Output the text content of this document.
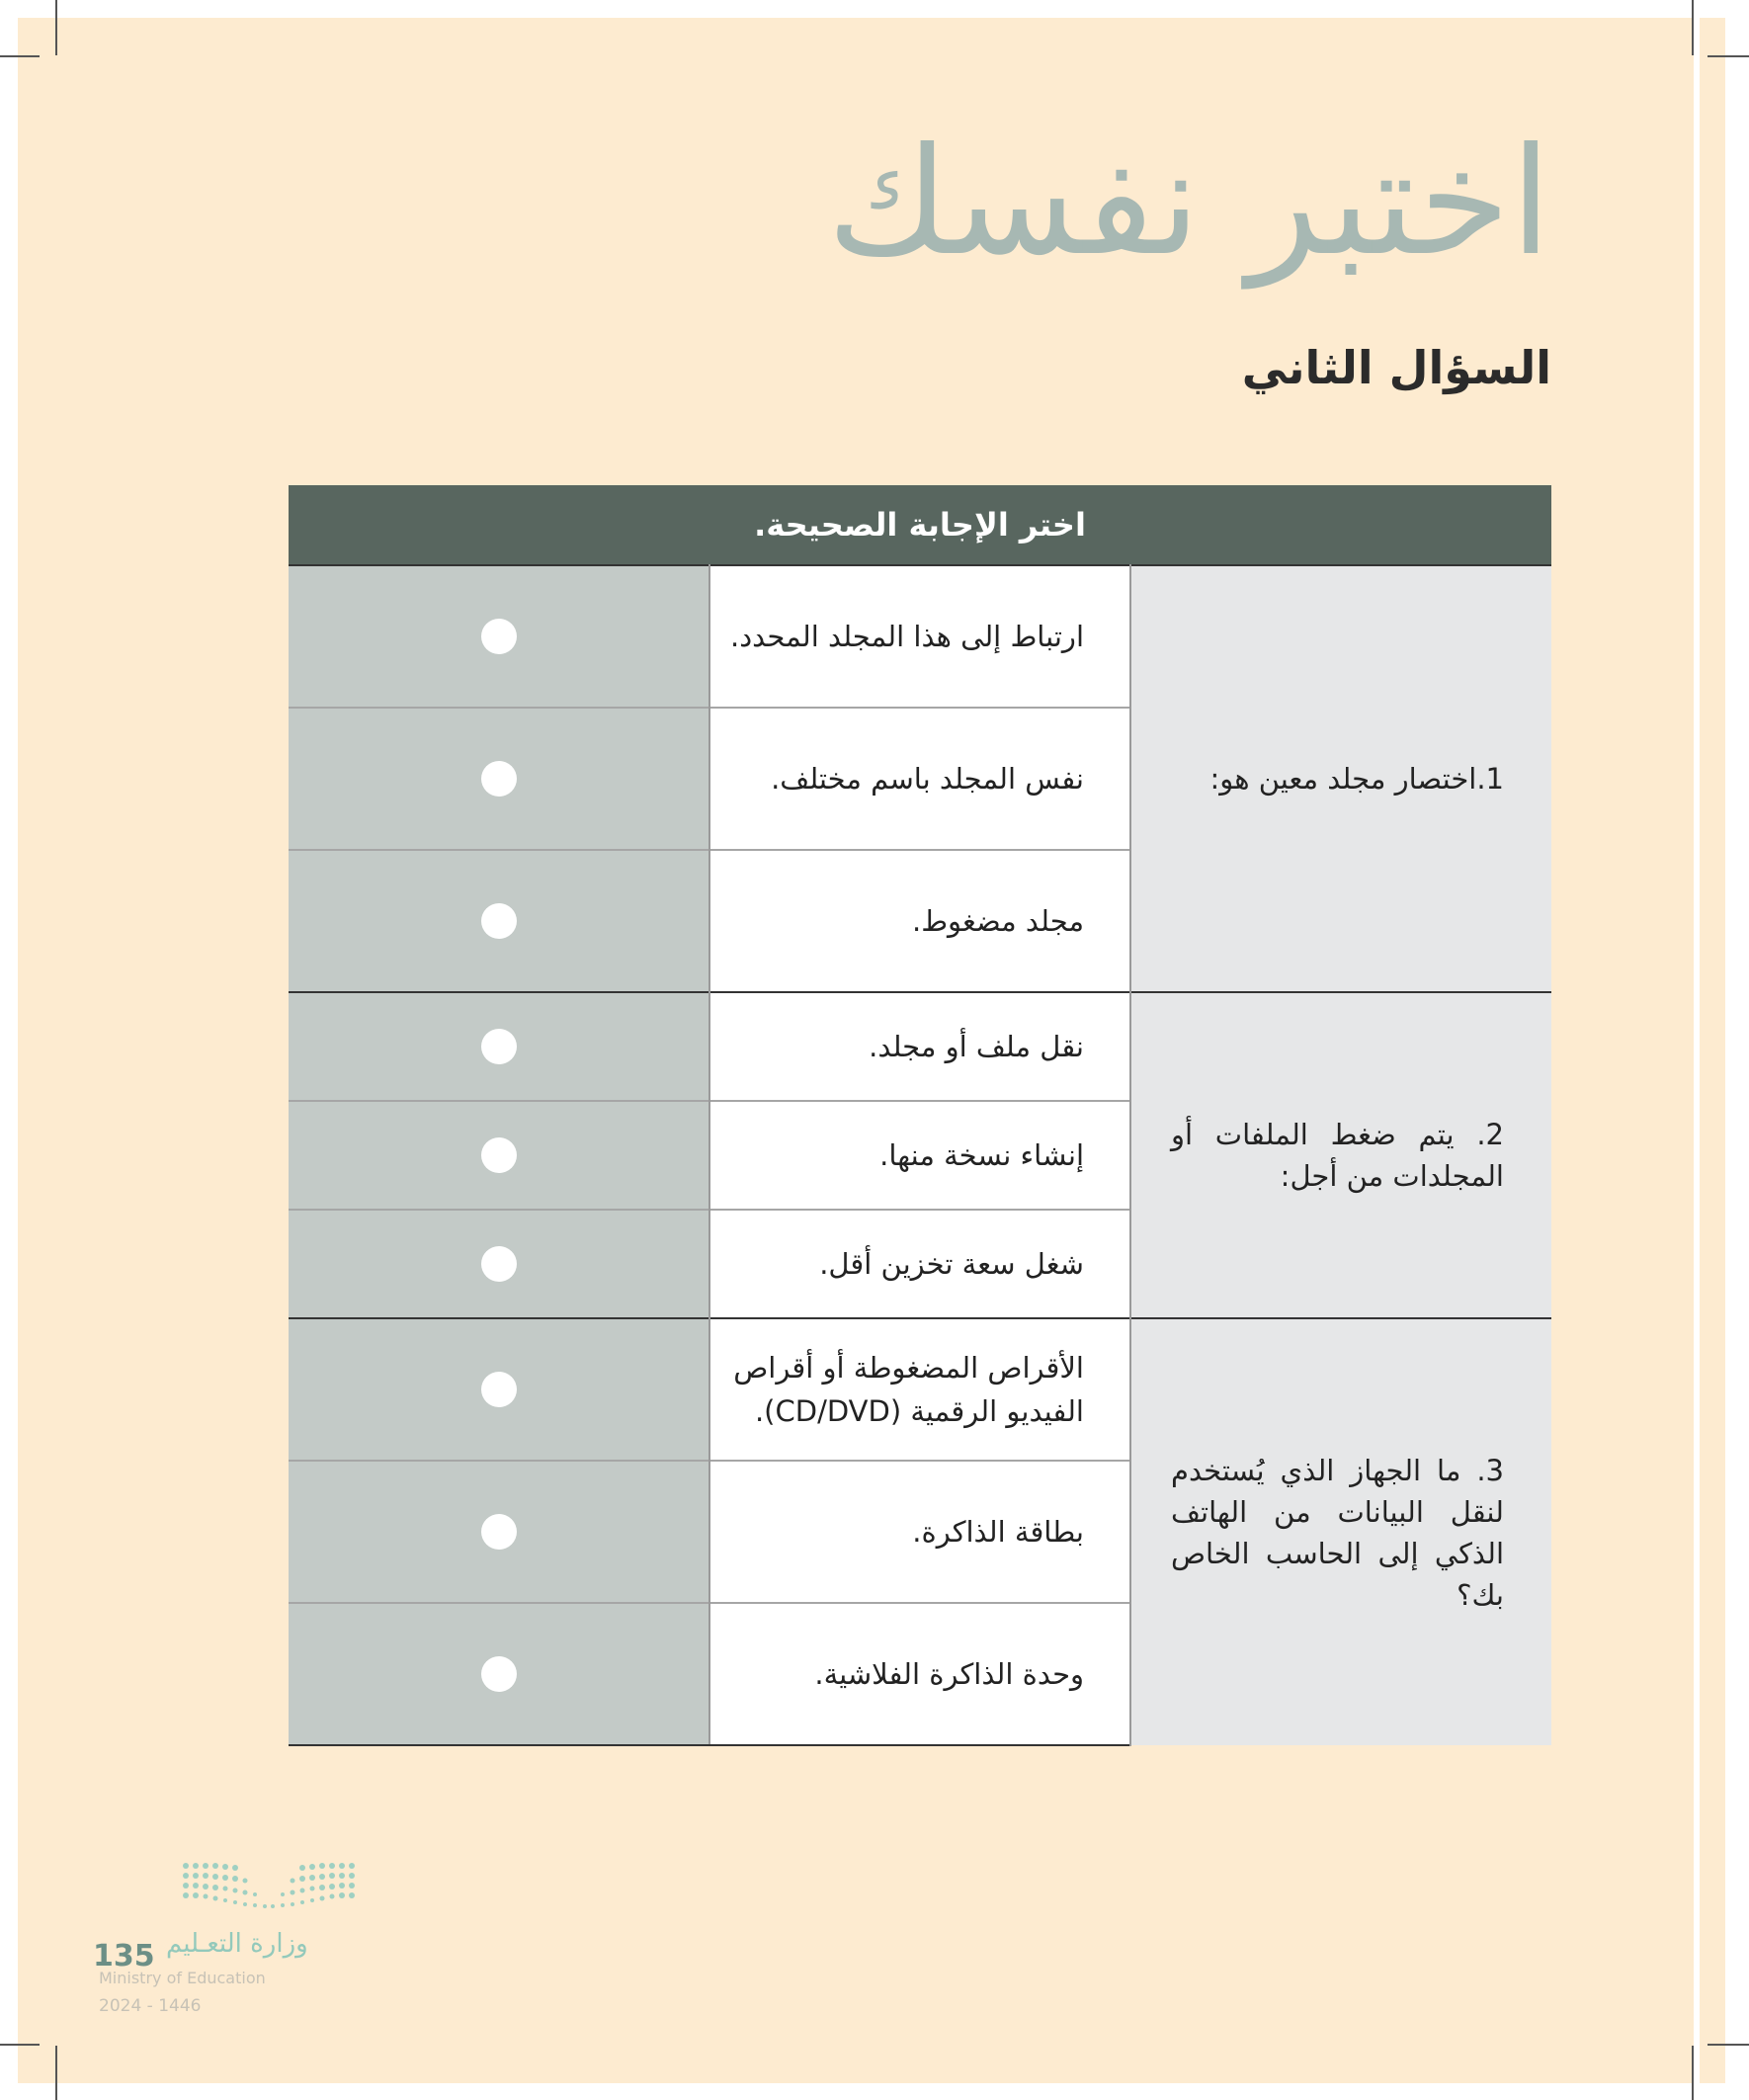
اختبر نفسك
السؤال الثاني
اختر الإجابة الصحيحة.		

1.اختصار مجلد معين هو:	ارتباط إلى هذا المجلد المحدد.	
	نفس المجلد باسم مختلف.	
	مجلد مضغوط.	

2. يتم ضغط الملفات أو المجلدات من أجل:	نقل ملف أو مجلد.	
	إنشاء نسخة منها.	
	شغل سعة تخزين أقل.	

3. ما الجهاز الذي يُستخدم لنقل البيانات من الهاتف الذكي إلى الحاسب الخاص بك؟	الأقراص المضغوطة أو أقراص الفيديو الرقمية (CD/DVD).	
	بطاقة الذاكرة.	
	وحدة الذاكرة الفلاشية.	
وزارة التعـليم
135
Ministry of Education
2024 - 1446
